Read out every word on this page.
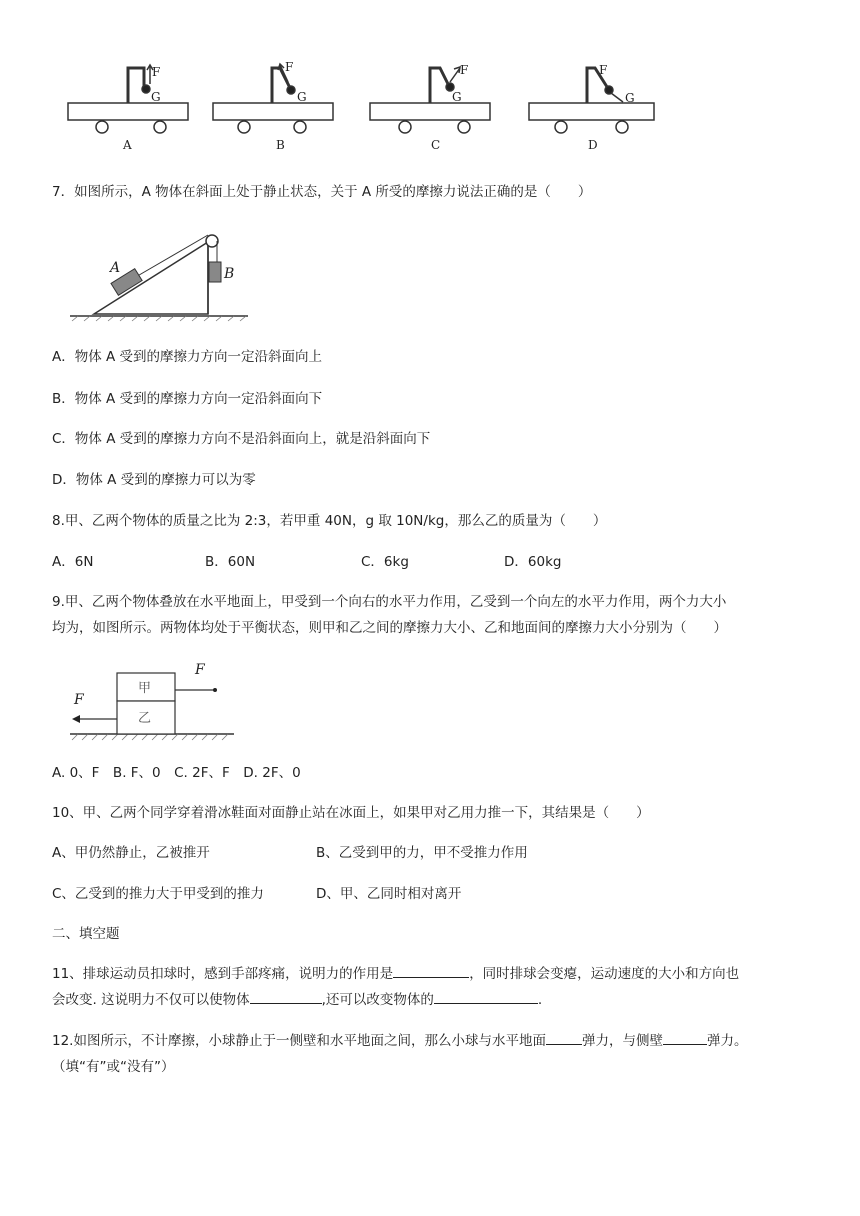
F
G
F
G
F
G
A	B	C
F
G
D
7．如图所示，A 物体在斜面上处于静止状态，关于 A 所受的摩擦力说法正确的是（　　）
A	B
A．物体 A 受到的摩擦力方向一定沿斜面向上
B．物体 A 受到的摩擦力方向一定沿斜面向下
C．物体 A 受到的摩擦力方向不是沿斜面向上，就是沿斜面向下
D．物体 A 受到的摩擦力可以为零
8.甲、乙两个物体的质量之比为 2:3，若甲重 40N，g 取 10N/kg，那么乙的质量为（　　）
A．6N	B．60N	C．6kg	D．60kg
9.甲、乙两个物体叠放在水平地面上，甲受到一个向右的水平力作用，乙受到一个向左的水平力作用，两个力大小
均为，如图所示。两物体均处于平衡状态，则甲和乙之间的摩擦力大小、乙和地面间的摩擦力大小分别为（　　）
甲
乙
F
F
A. 0、F　B. F、0　C. 2F、F　D. 2F、0
10、甲、乙两个同学穿着滑冰鞋面对面静止站在冰面上，如果甲对乙用力推一下，其结果是（　　）
A、甲仍然静止，乙被推开	B、乙受到甲的力，甲不受推力作用
C、乙受到的推力大于甲受到的推力	D、甲、乙同时相对离开
二、填空题
11、排球运动员扣球时，感到手部疼痛，说明力的作用是	，同时排球会变瘪，运动速度的大小和方向也
会改变. 这说明力不仅可以使物体	,还可以改变物体的	.
12.如图所示，不计摩擦，小球静止于一侧壁和水平地面之间，那么小球与水平地面	弹力，与侧壁	弹力。
（填“有”或“没有”）
